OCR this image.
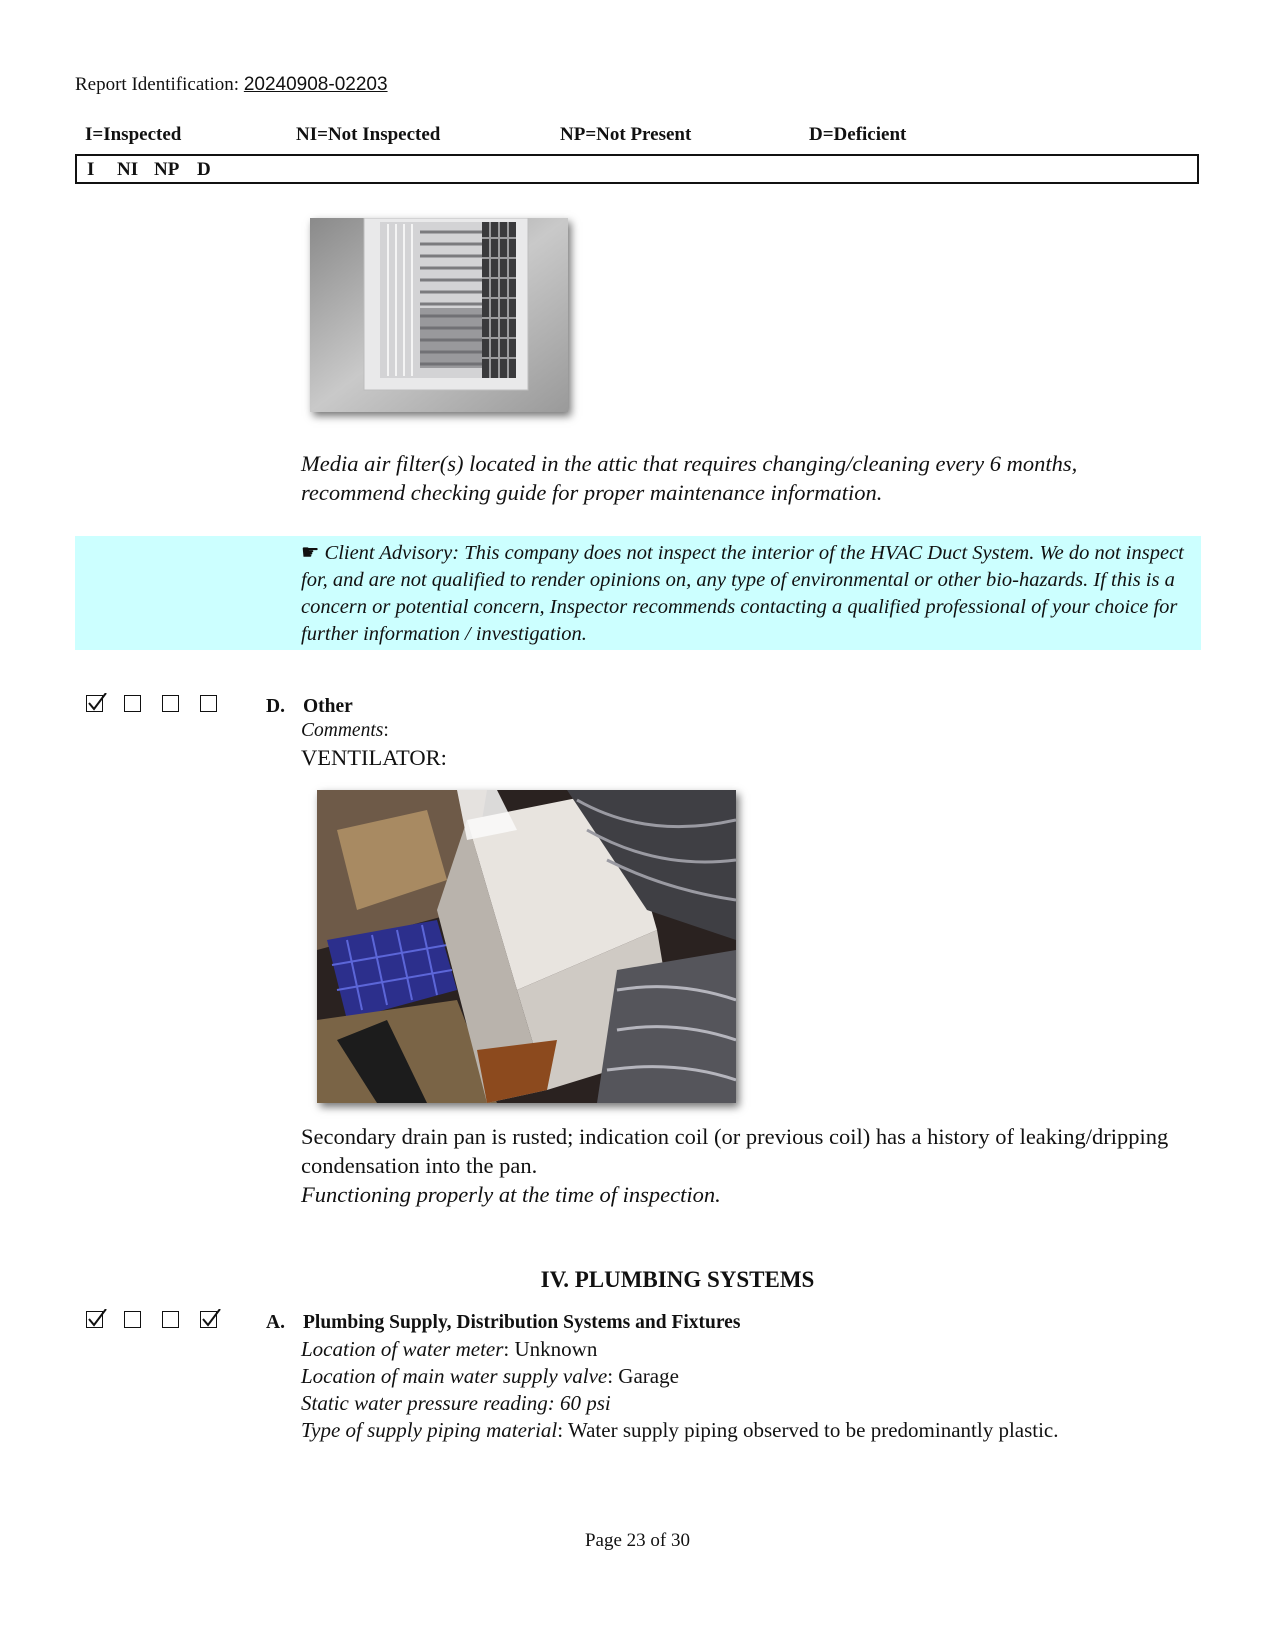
Report Identification: 20240908-02203
I=Inspected	NI=Not Inspected	NP=Not Present	D=Deficient
I NI NP D
Media air filter(s) located in the attic that requires changing/cleaning every 6 months, recommend checking guide for proper maintenance information.
☛ Client Advisory: This company does not inspect the interior of the HVAC Duct System. We do not inspect for, and are not qualified to render opinions on, any type of environmental or other bio-hazards. If this is a concern or potential concern, Inspector recommends contacting a qualified professional of your choice for further information / investigation.
D. Other
Comments:
VENTILATOR:
Secondary drain pan is rusted; indication coil (or previous coil) has a history of leaking/dripping condensation into the pan.
Functioning properly at the time of inspection.
IV. PLUMBING SYSTEMS
A. Plumbing Supply, Distribution Systems and Fixtures
Location of water meter: Unknown
Location of main water supply valve: Garage
Static water pressure reading: 60 psi
Type of supply piping material: Water supply piping observed to be predominantly plastic.
Page 23 of 30
